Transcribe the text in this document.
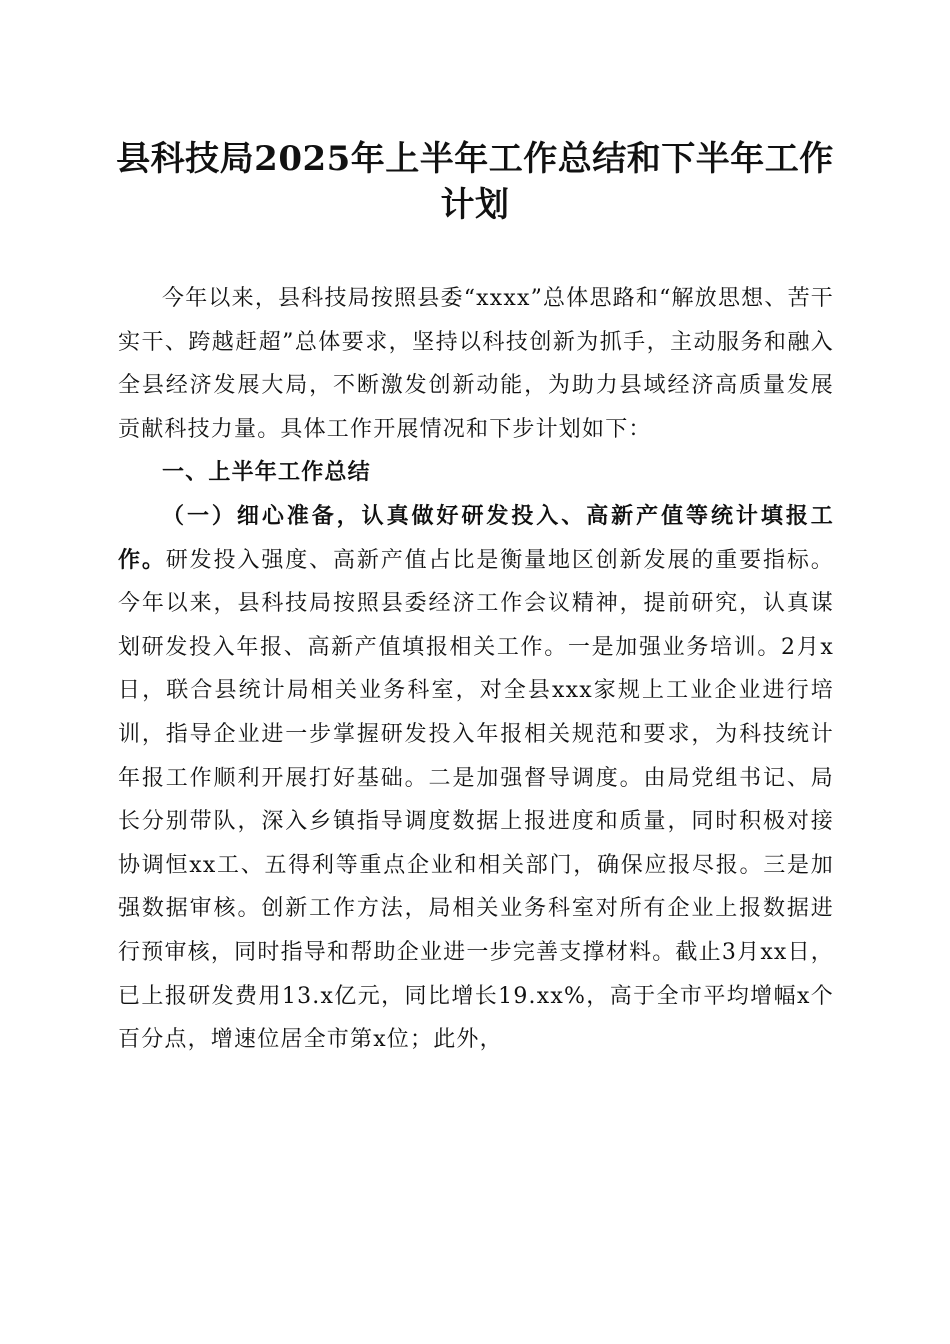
县科技局2025年上半年工作总结和下半年工作计划

今年以来，县科技局按照县委“xxxx”总体思路和“解放思想、苦干实干、跨越赶超”总体要求，坚持以科技创新为抓手，主动服务和融入全县经济发展大局，不断激发创新动能，为助力县域经济高质量发展贡献科技力量。具体工作开展情况和下步计划如下：

一、上半年工作总结

（一）细心准备，认真做好研发投入、高新产值等统计填报工作。研发投入强度、高新产值占比是衡量地区创新发展的重要指标。今年以来，县科技局按照县委经济工作会议精神，提前研究，认真谋划研发投入年报、高新产值填报相关工作。一是加强业务培训。2月x日，联合县统计局相关业务科室，对全县xxx家规上工业企业进行培训，指导企业进一步掌握研发投入年报相关规范和要求，为科技统计年报工作顺利开展打好基础。二是加强督导调度。由局党组书记、局长分别带队，深入乡镇指导调度数据上报进度和质量，同时积极对接协调恒xx工、五得利等重点企业和相关部门，确保应报尽报。三是加强数据审核。创新工作方法，局相关业务科室对所有企业上报数据进行预审核，同时指导和帮助企业进一步完善支撑材料。截止3月xx日，已上报研发费用13.x亿元，同比增长19.xx%，高于全市平均增幅x个百分点，增速位居全市第x位；此外，
